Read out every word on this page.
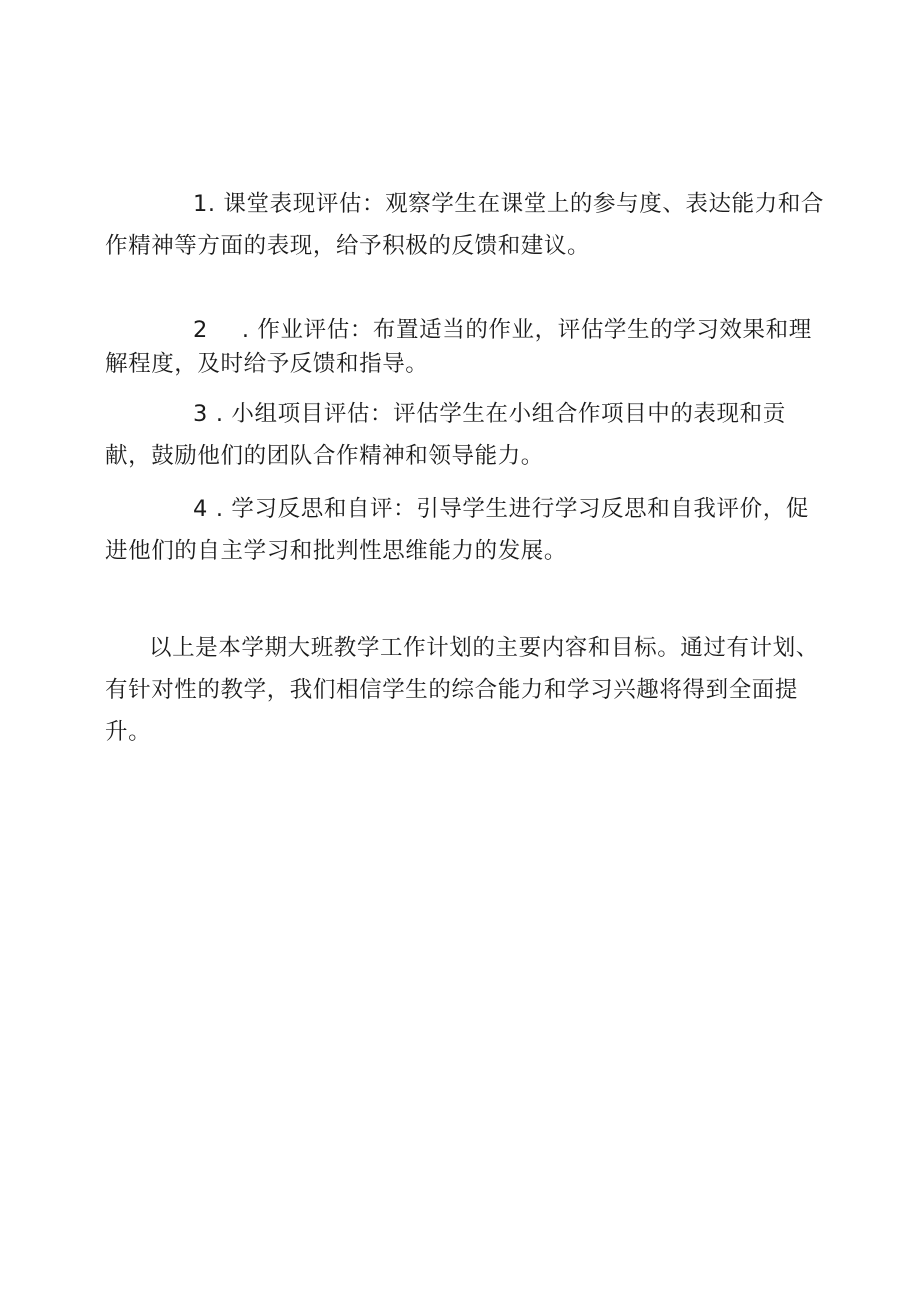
1. 课堂表现评估：观察学生在课堂上的参与度、表达能力和合作精神等方面的表现，给予积极的反馈和建议。

2 . 作业评估：布置适当的作业，评估学生的学习效果和理解程度，及时给予反馈和指导。

3 . 小组项目评估：评估学生在小组合作项目中的表现和贡献，鼓励他们的团队合作精神和领导能力。

4 . 学习反思和自评：引导学生进行学习反思和自我评价，促进他们的自主学习和批判性思维能力的发展。

以上是本学期大班教学工作计划的主要内容和目标。通过有计划、有针对性的教学，我们相信学生的综合能力和学习兴趣将得到全面提升。
